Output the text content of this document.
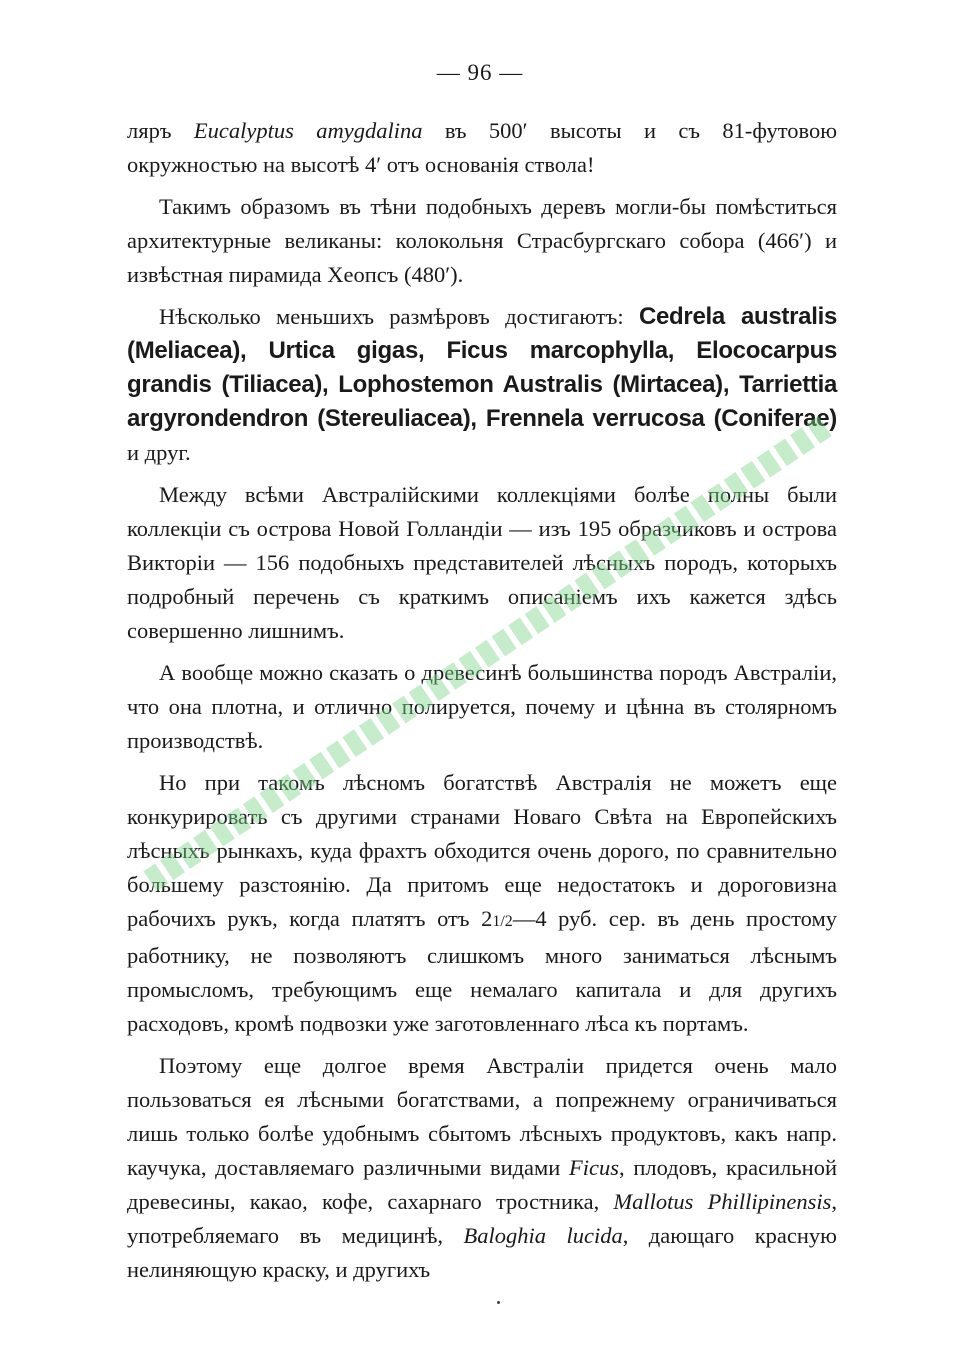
— 96 —

ляръ Eucalyptus amygdalina въ 500′ высоты и съ 81-футовою окружностью на высотѣ 4′ отъ основанія ствола!

Такимъ образомъ въ тѣни подобныхъ деревъ могли-бы помѣститься архитектурные великаны: колокольня Страсбургскаго собора (466′) и извѣстная пирамида Хеопсъ (480′).

Нѣсколько меньшихъ размѣровъ достигаютъ: Cedrela australis (Meliacea), Urtica gigas, Ficus marcophylla, Elococarpus grandis (Tiliacea), Lophostemon Australis (Mirtacea), Tarriettia argyrondendron (Stereuliacea), Frennela verrucosa (Coniferae) и друг.

Между всѣми Австралійскими коллекціями болѣе полны были коллекціи съ острова Новой Голландіи — изъ 195 образчиковъ и острова Викторіи — 156 подобныхъ представителей лѣсныхъ породъ, которыхъ подробный перечень съ краткимъ описаніемъ ихъ кажется здѣсь совершенно лишнимъ.

А вообще можно сказать о древесинѣ большинства породъ Австраліи, что она плотна, и отлично полируется, почему и цѣнна въ столярномъ производствѣ.

Но при такомъ лѣсномъ богатствѣ Австралія не можетъ еще конкурировать съ другими странами Новаго Свѣта на Европейскихъ лѣсныхъ рынкахъ, куда фрахтъ обходится очень дорого, по сравнительно большему разстоянію. Да притомъ еще недостатокъ и дороговизна рабочихъ рукъ, когда платятъ отъ 21/2—4 руб. сер. въ день простому работнику, не позволяютъ слишкомъ много заниматься лѣснымъ промысломъ, требующимъ еще немалаго капитала и для другихъ расходовъ, кромѣ подвозки уже заготовленнаго лѣса къ портамъ.

Поэтому еще долгое время Австраліи придется очень мало пользоваться ея лѣсными богатствами, а попрежнему ограничиваться лишь только болѣе удобнымъ сбытомъ лѣсныхъ продуктовъ, какъ напр. каучука, доставляемаго различными видами Ficus, плодовъ, красильной древесины, какао, кофе, сахарнаго тростника, Mallotus Phillipinensis, употребляемаго въ медицинѣ, Baloghia lucida, дающаго красную нелиняющую краску, и другихъ
